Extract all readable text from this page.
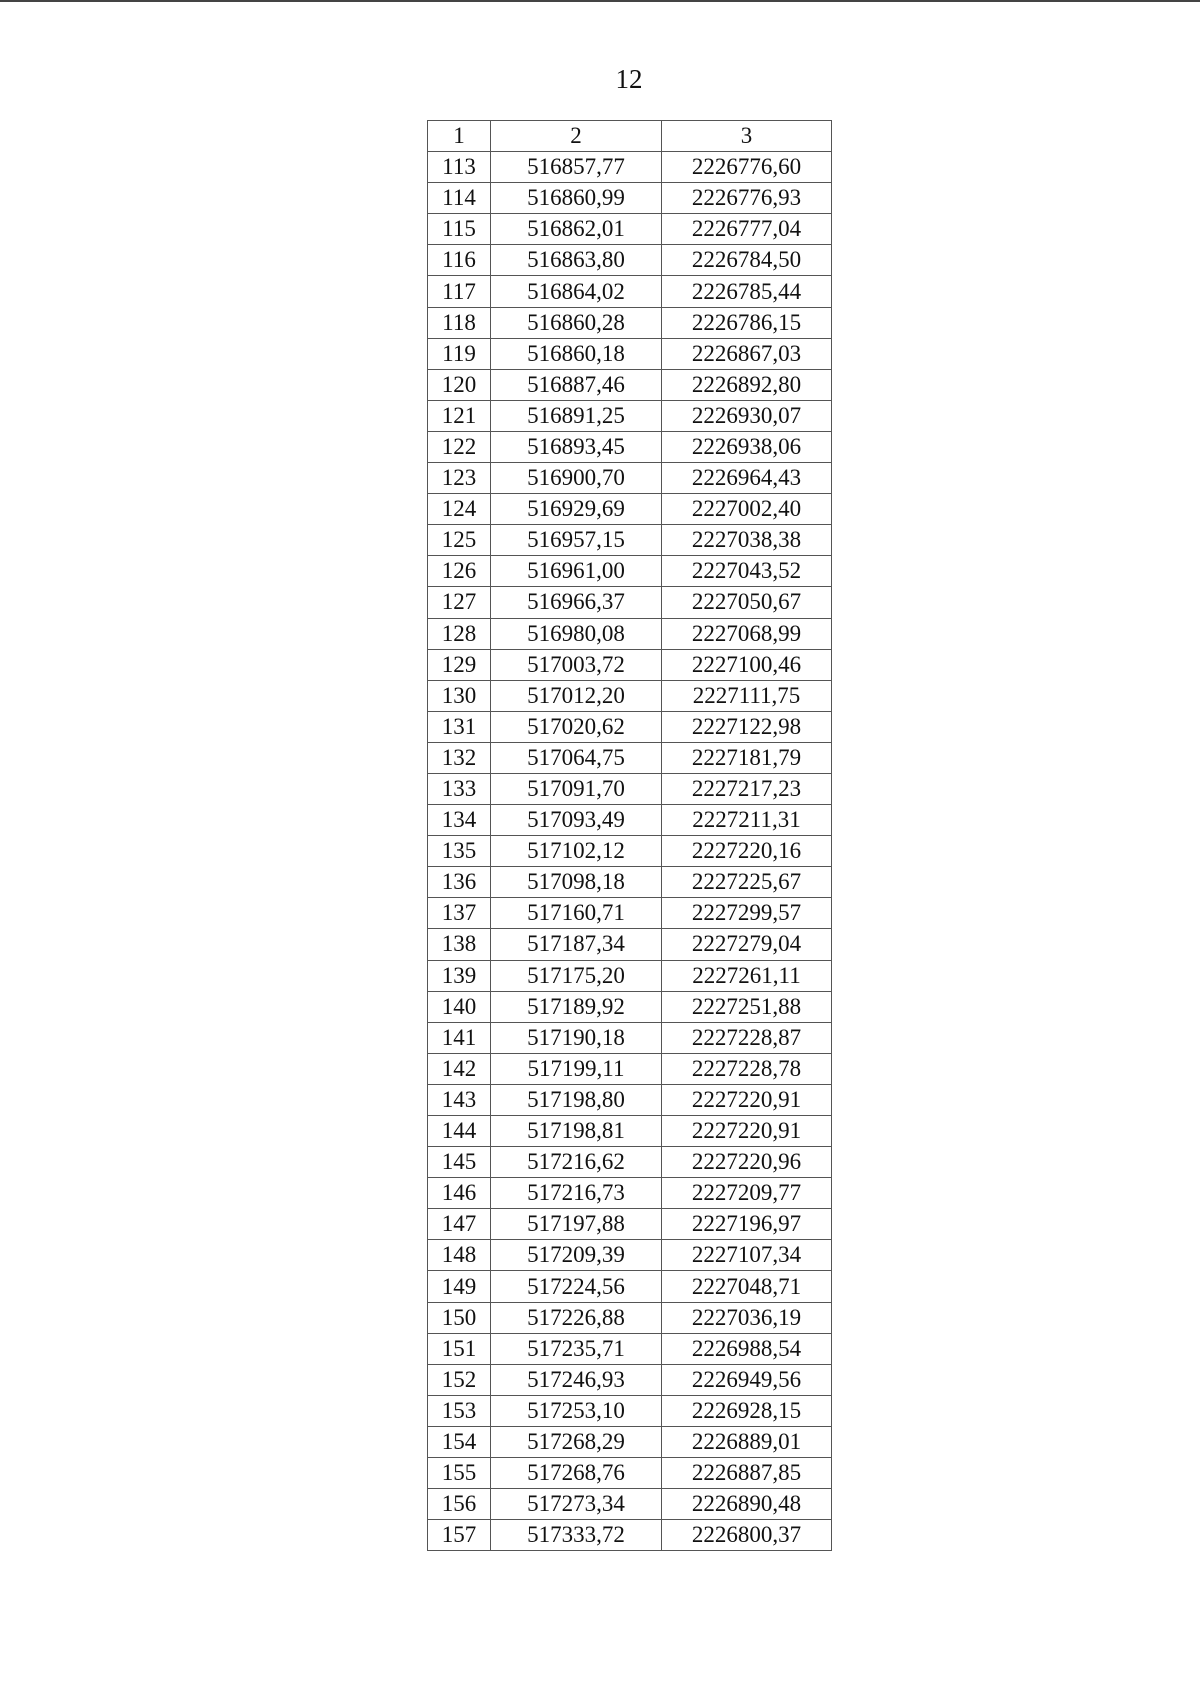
12
1	2	3
113	516857,77	2226776,60
114	516860,99	2226776,93
115	516862,01	2226777,04
116	516863,80	2226784,50
117	516864,02	2226785,44
118	516860,28	2226786,15
119	516860,18	2226867,03
120	516887,46	2226892,80
121	516891,25	2226930,07
122	516893,45	2226938,06
123	516900,70	2226964,43
124	516929,69	2227002,40
125	516957,15	2227038,38
126	516961,00	2227043,52
127	516966,37	2227050,67
128	516980,08	2227068,99
129	517003,72	2227100,46
130	517012,20	2227111,75
131	517020,62	2227122,98
132	517064,75	2227181,79
133	517091,70	2227217,23
134	517093,49	2227211,31
135	517102,12	2227220,16
136	517098,18	2227225,67
137	517160,71	2227299,57
138	517187,34	2227279,04
139	517175,20	2227261,11
140	517189,92	2227251,88
141	517190,18	2227228,87
142	517199,11	2227228,78
143	517198,80	2227220,91
144	517198,81	2227220,91
145	517216,62	2227220,96
146	517216,73	2227209,77
147	517197,88	2227196,97
148	517209,39	2227107,34
149	517224,56	2227048,71
150	517226,88	2227036,19
151	517235,71	2226988,54
152	517246,93	2226949,56
153	517253,10	2226928,15
154	517268,29	2226889,01
155	517268,76	2226887,85
156	517273,34	2226890,48
157	517333,72	2226800,37
